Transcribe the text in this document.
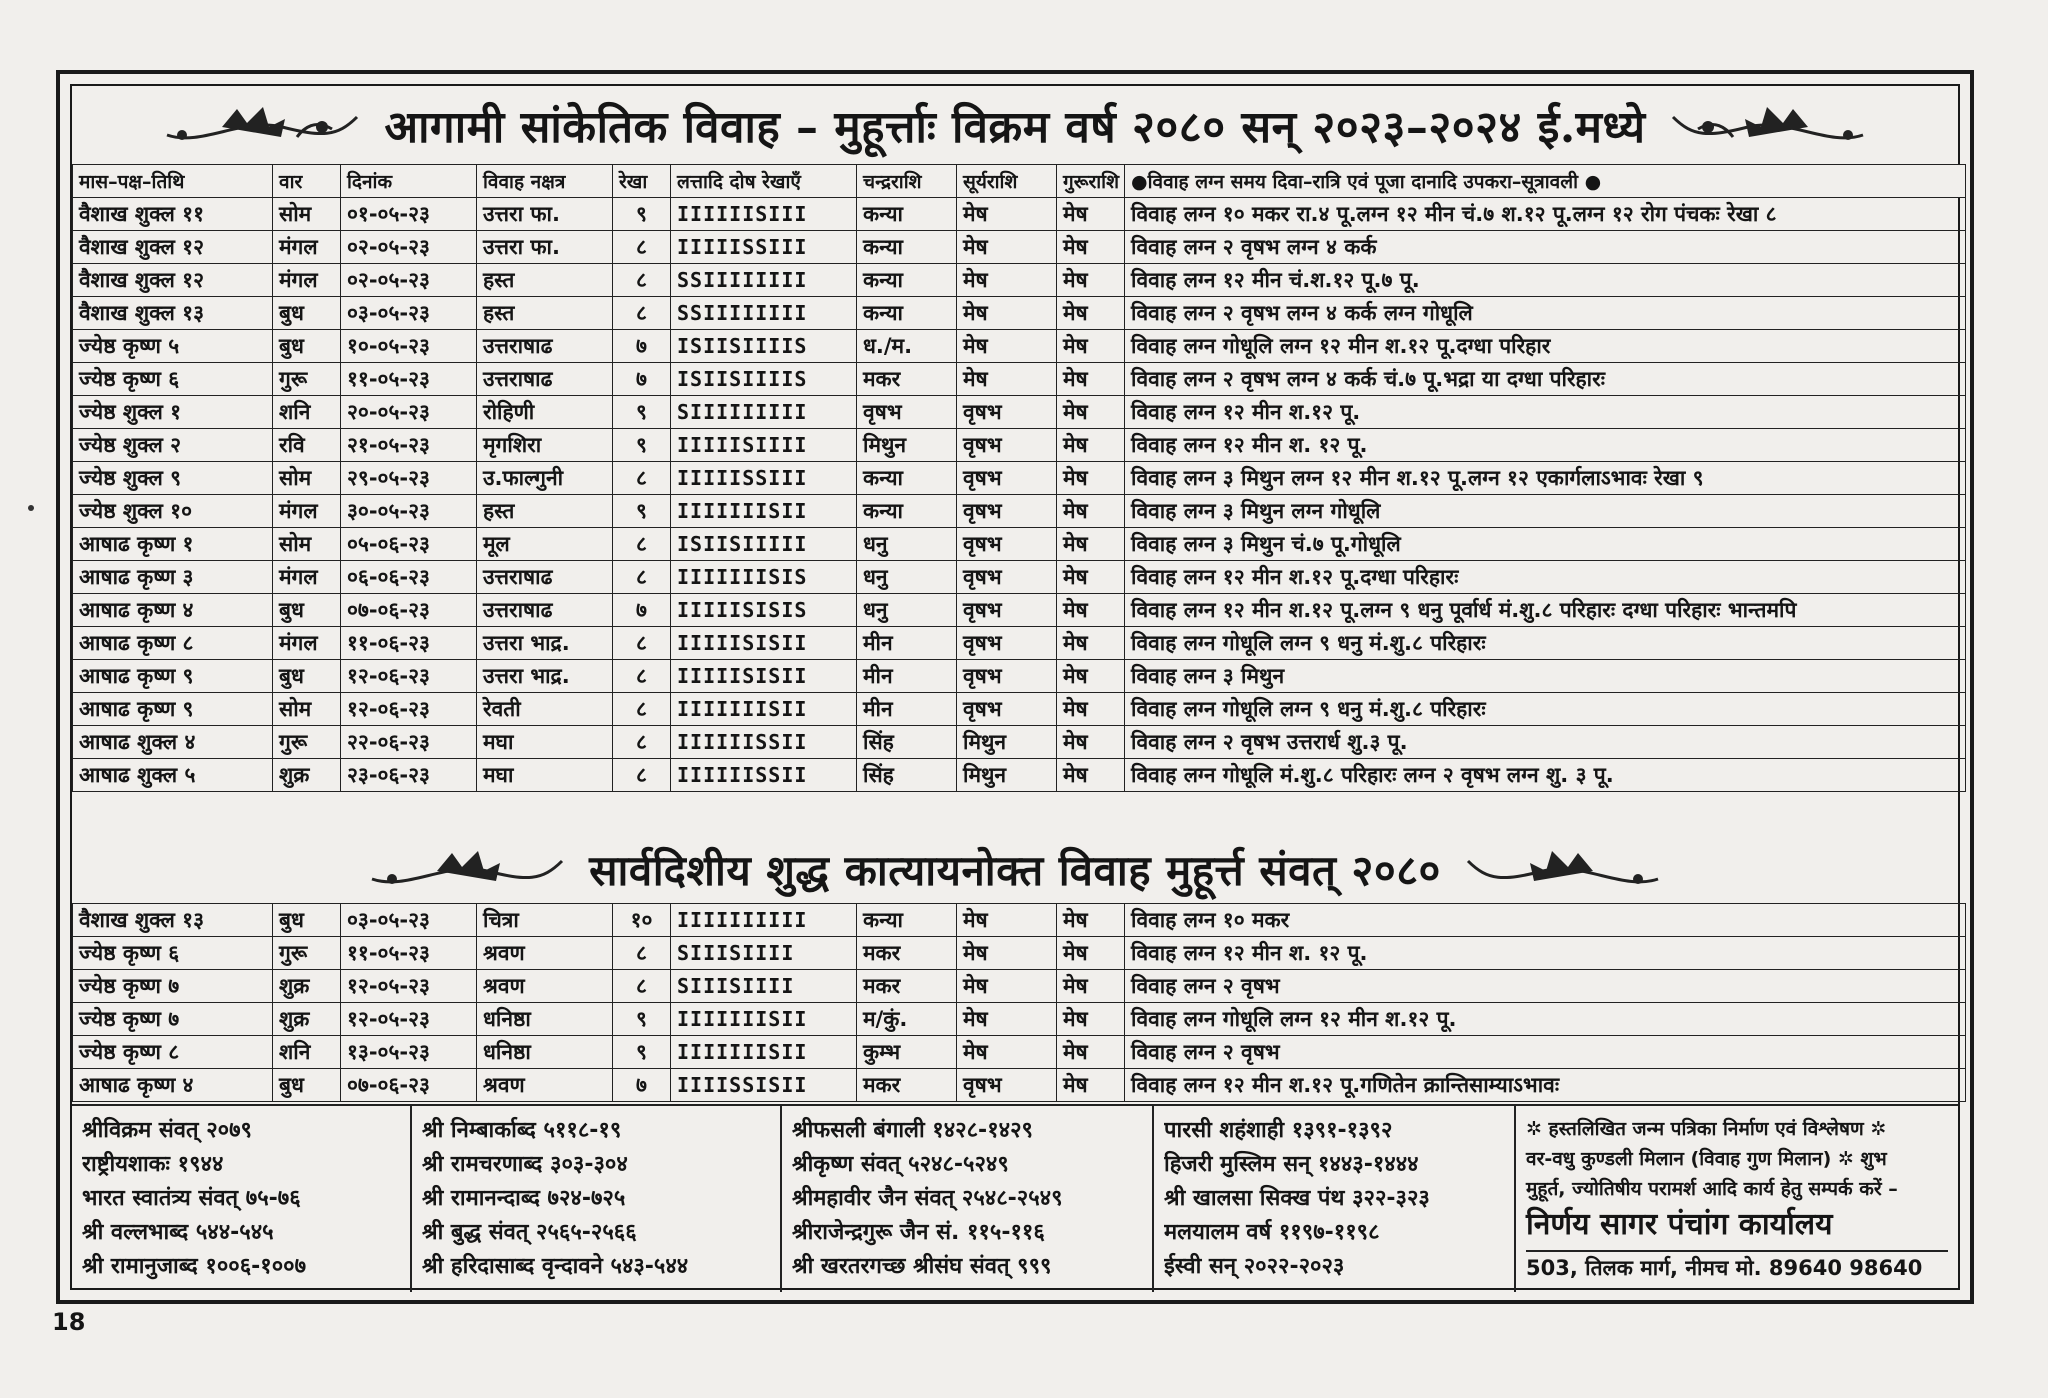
आगामी सांकेतिक विवाह – मुहूर्त्ताः विक्रम वर्ष २०८० सन् २०२३–२०२४ ई.मध्ये
मास–पक्ष–तिथि	वार	दिनांक	विवाह नक्षत्र	रेखा	लत्तादि दोष रेखाएँ	चन्द्रराशि	सूर्यराशि	गुरूराशि	●विवाह लग्न समय दिवा–रात्रि एवं पूजा दानादि उपकरा–सूत्रावली ●
वैशाख शुक्ल ११	सोम	०१-०५-२३	उत्तरा फा.	९	IIIIIISIII	कन्या	मेष	मेष	विवाह लग्न १० मकर रा.४ पू.लग्न १२ मीन चं.७ श.१२ पू.लग्न १२ रोग पंचकः रेखा ८
वैशाख शुक्ल १२	मंगल	०२-०५-२३	उत्तरा फा.	८	IIIIISSIII	कन्या	मेष	मेष	विवाह लग्न २ वृषभ लग्न ४ कर्क
वैशाख शुक्ल १२	मंगल	०२-०५-२३	हस्त	८	SSIIIIIIII	कन्या	मेष	मेष	विवाह लग्न १२ मीन चं.श.१२ पू.७ पू.
वैशाख शुक्ल १३	बुध	०३-०५-२३	हस्त	८	SSIIIIIIII	कन्या	मेष	मेष	विवाह लग्न २ वृषभ लग्न ४ कर्क लग्न गोधूलि
ज्येष्ठ कृष्ण ५	बुध	१०-०५-२३	उत्तराषाढ	७	ISIISIIIIS	ध./म.	मेष	मेष	विवाह लग्न गोधूलि लग्न १२ मीन श.१२ पू.दग्धा परिहार
ज्येष्ठ कृष्ण ६	गुरू	११-०५-२३	उत्तराषाढ	७	ISIISIIIIS	मकर	मेष	मेष	विवाह लग्न २ वृषभ लग्न ४ कर्क चं.७ पू.भद्रा या दग्धा परिहारः
ज्येष्ठ शुक्ल १	शनि	२०-०५-२३	रोहिणी	९	SIIIIIIIII	वृषभ	वृषभ	मेष	विवाह लग्न १२ मीन श.१२ पू.
ज्येष्ठ शुक्ल २	रवि	२१-०५-२३	मृगशिरा	९	IIIIISIIII	मिथुन	वृषभ	मेष	विवाह लग्न १२ मीन श. १२ पू.
ज्येष्ठ शुक्ल ९	सोम	२९-०५-२३	उ.फाल्गुनी	८	IIIIISSIII	कन्या	वृषभ	मेष	विवाह लग्न ३ मिथुन लग्न १२ मीन श.१२ पू.लग्न १२ एकार्गलाऽभावः रेखा ९
ज्येष्ठ शुक्ल १०	मंगल	३०-०५-२३	हस्त	९	IIIIIIISII	कन्या	वृषभ	मेष	विवाह लग्न ३ मिथुन लग्न गोधूलि
आषाढ कृष्ण १	सोम	०५-०६-२३	मूल	८	ISIISIIIII	धनु	वृषभ	मेष	विवाह लग्न ३ मिथुन चं.७ पू.गोधूलि
आषाढ कृष्ण ३	मंगल	०६-०६-२३	उत्तराषाढ	८	IIIIIIISIS	धनु	वृषभ	मेष	विवाह लग्न १२ मीन श.१२ पू.दग्धा परिहारः
आषाढ कृष्ण ४	बुध	०७-०६-२३	उत्तराषाढ	७	IIIIISISIS	धनु	वृषभ	मेष	विवाह लग्न १२ मीन श.१२ पू.लग्न ९ धनु पूर्वार्ध मं.शु.८ परिहारः दग्धा परिहारः भान्तमपि
आषाढ कृष्ण ८	मंगल	११-०६-२३	उत्तरा भाद्र.	८	IIIIISISII	मीन	वृषभ	मेष	विवाह लग्न गोधूलि लग्न ९ धनु मं.शु.८ परिहारः
आषाढ कृष्ण ९	बुध	१२-०६-२३	उत्तरा भाद्र.	८	IIIIISISII	मीन	वृषभ	मेष	विवाह लग्न ३ मिथुन
आषाढ कृष्ण ९	सोम	१२-०६-२३	रेवती	८	IIIIIIISII	मीन	वृषभ	मेष	विवाह लग्न गोधूलि लग्न ९ धनु मं.शु.८ परिहारः
आषाढ शुक्ल ४	गुरू	२२-०६-२३	मघा	८	IIIIIISSII	सिंह	मिथुन	मेष	विवाह लग्न २ वृषभ उत्तरार्ध शु.३ पू.
आषाढ शुक्ल ५	शुक्र	२३-०६-२३	मघा	८	IIIIIISSII	सिंह	मिथुन	मेष	विवाह लग्न गोधूलि मं.शु.८ परिहारः लग्न २ वृषभ लग्न शु. ३ पू.
सार्वदिशीय शुद्ध कात्यायनोक्त विवाह मुहूर्त्त संवत् २०८०
वैशाख शुक्ल १३	बुध	०३-०५-२३	चित्रा	१०	IIIIIIIIII	कन्या	मेष	मेष	विवाह लग्न १० मकर
ज्येष्ठ कृष्ण ६	गुरू	११-०५-२३	श्रवण	८	SIIISIIII	मकर	मेष	मेष	विवाह लग्न १२ मीन श. १२ पू.
ज्येष्ठ कृष्ण ७	शुक्र	१२-०५-२३	श्रवण	८	SIIISIIII	मकर	मेष	मेष	विवाह लग्न २ वृषभ
ज्येष्ठ कृष्ण ७	शुक्र	१२-०५-२३	धनिष्ठा	९	IIIIIIISII	म/कुं.	मेष	मेष	विवाह लग्न गोधूलि लग्न १२ मीन श.१२ पू.
ज्येष्ठ कृष्ण ८	शनि	१३-०५-२३	धनिष्ठा	९	IIIIIIISII	कुम्भ	मेष	मेष	विवाह लग्न २ वृषभ
आषाढ कृष्ण ४	बुध	०७-०६-२३	श्रवण	७	IIIISSISII	मकर	वृषभ	मेष	विवाह लग्न १२ मीन श.१२ पू.गणितेन क्रान्तिसाम्याऽभावः
श्रीविक्रम संवत् २०७९
राष्ट्रीयशाकः १९४४
भारत स्वातंत्र्य संवत् ७५-७६
श्री वल्लभाब्द ५४४-५४५
श्री रामानुजाब्द १००६-१००७
श्री निम्बार्काब्द ५११८-१९
श्री रामचरणाब्द ३०३-३०४
श्री रामानन्दाब्द ७२४-७२५
श्री बुद्ध संवत् २५६५-२५६६
श्री हरिदासाब्द वृन्दावने ५४३-५४४
श्रीफसली बंगाली १४२८-१४२९
श्रीकृष्ण संवत् ५२४८-५२४९
श्रीमहावीर जैन संवत् २५४८-२५४९
श्रीराजेन्द्रगुरू जैन सं. ११५-११६
श्री खरतरगच्छ श्रीसंघ संवत् ९९९
पारसी शहंशाही १३९१-१३९२
हिजरी मुस्लिम सन् १४४३-१४४४
श्री खालसा सिक्ख पंथ ३२२-३२३
मलयालम वर्ष ११९७-११९८
ईस्वी सन् २०२२-२०२३
✲ हस्तलिखित जन्म पत्रिका निर्माण एवं विश्लेषण ✲
वर-वधु कुण्डली मिलान (विवाह गुण मिलान) ✲ शुभ
मुहूर्त, ज्योतिषीय परामर्श आदि कार्य हेतु सम्पर्क करें –
निर्णय सागर पंचांग कार्यालय
503, तिलक मार्ग, नीमच मो. 89640 98640
18
